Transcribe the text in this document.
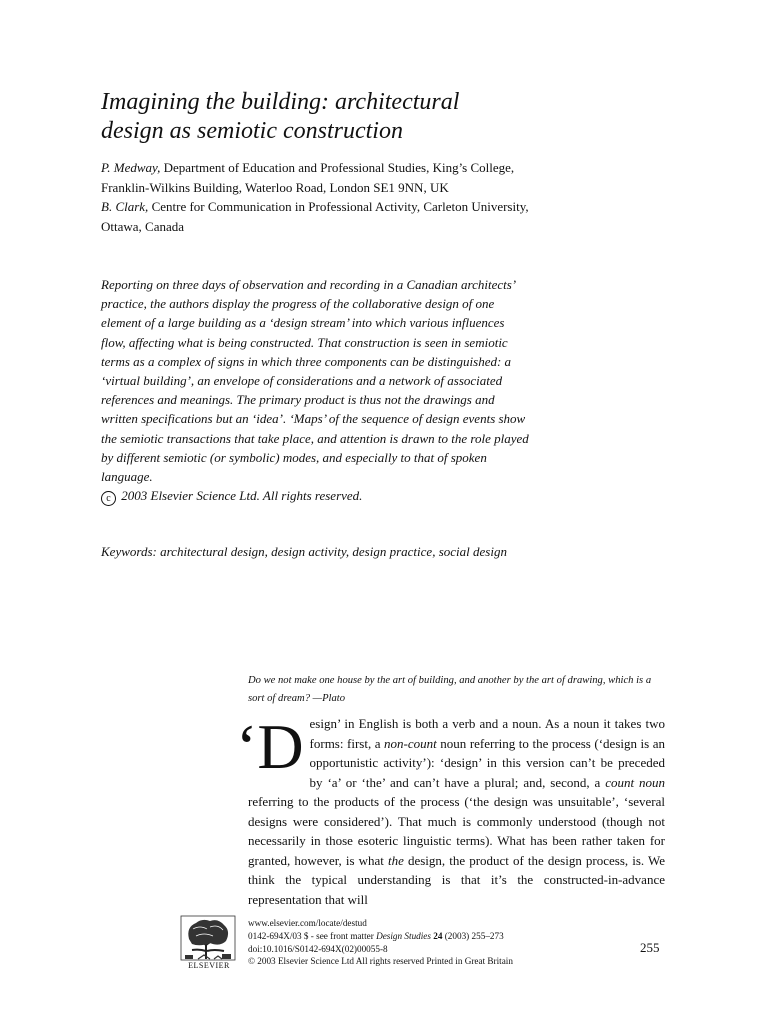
Imagining the building: architectural
design as semiotic construction

P. Medway, Department of Education and Professional Studies, King’s College, Franklin-Wilkins Building, Waterloo Road, London SE1 9NN, UK

B. Clark, Centre for Communication in Professional Activity, Carleton University, Ottawa, Canada

Reporting on three days of observation and recording in a Canadian architects’ practice, the authors display the progress of the collaborative design of one element of a large building as a ‘design stream’ into which various influences flow, affecting what is being constructed. That construction is seen in semiotic terms as a complex of signs in which three components can be distinguished: a ‘virtual building’, an envelope of considerations and a network of associated references and meanings. The primary product is thus not the drawings and written specifications but an ‘idea’. ‘Maps’ of the sequence of design events show the semiotic transactions that take place, and attention is drawn to the role played by different semiotic (or symbolic) modes, and especially to that of spoken language.

c 2003 Elsevier Science Ltd. All rights reserved.

Keywords: architectural design, design activity, design practice, social design

Do we not make one house by the art of building, and another by the art of drawing, which is a sort of dream? —Plato

‘Design’ in English is both a verb and a noun. As a noun it takes two forms: first, a non-count noun referring to the process (‘design is an opportunistic activity’): ‘design’ in this version can’t be preceded by ‘a’ or ‘the’ and can’t have a plural; and, second, a count noun referring to the products of the process (‘the design was unsuitable’, ‘several designs were considered’). That much is commonly understood (though not necessarily in those esoteric linguistic terms). What has been rather taken for granted, however, is what the design, the product of the design process, is. We think the typical understanding is that it’s the constructed-in-advance representation that will

ELSEVIER
www.elsevier.com/locate/destud
0142-694X/03 $ - see front matter Design Studies 24 (2003) 255–273
doi:10.1016/S0142-694X(02)00055-8
© 2003 Elsevier Science Ltd All rights reserved Printed in Great Britain
255
